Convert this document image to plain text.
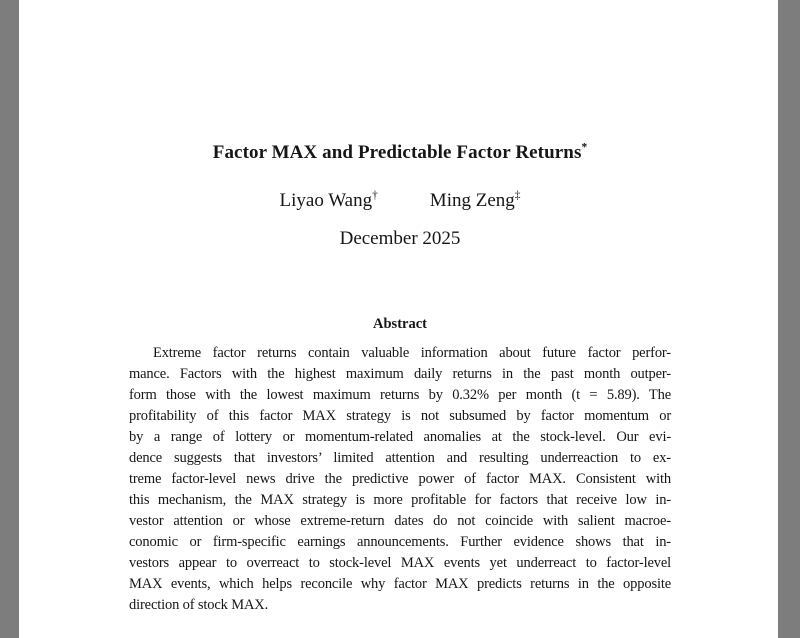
Factor MAX and Predictable Factor Returns*
Liyao Wang†	Ming Zeng‡
December 2025
Abstract
Extreme factor returns contain valuable information about future factor perfor-
mance. Factors with the highest maximum daily returns in the past month outper-
form those with the lowest maximum returns by 0.32% per month (t = 5.89). The
profitability of this factor MAX strategy is not subsumed by factor momentum or
by a range of lottery or momentum-related anomalies at the stock-level. Our evi-
dence suggests that investors’ limited attention and resulting underreaction to ex-
treme factor-level news drive the predictive power of factor MAX. Consistent with
this mechanism, the MAX strategy is more profitable for factors that receive low in-
vestor attention or whose extreme-return dates do not coincide with salient macroe-
conomic or firm-specific earnings announcements. Further evidence shows that in-
vestors appear to overreact to stock-level MAX events yet underreact to factor-level
MAX events, which helps reconcile why factor MAX predicts returns in the opposite
direction of stock MAX.
